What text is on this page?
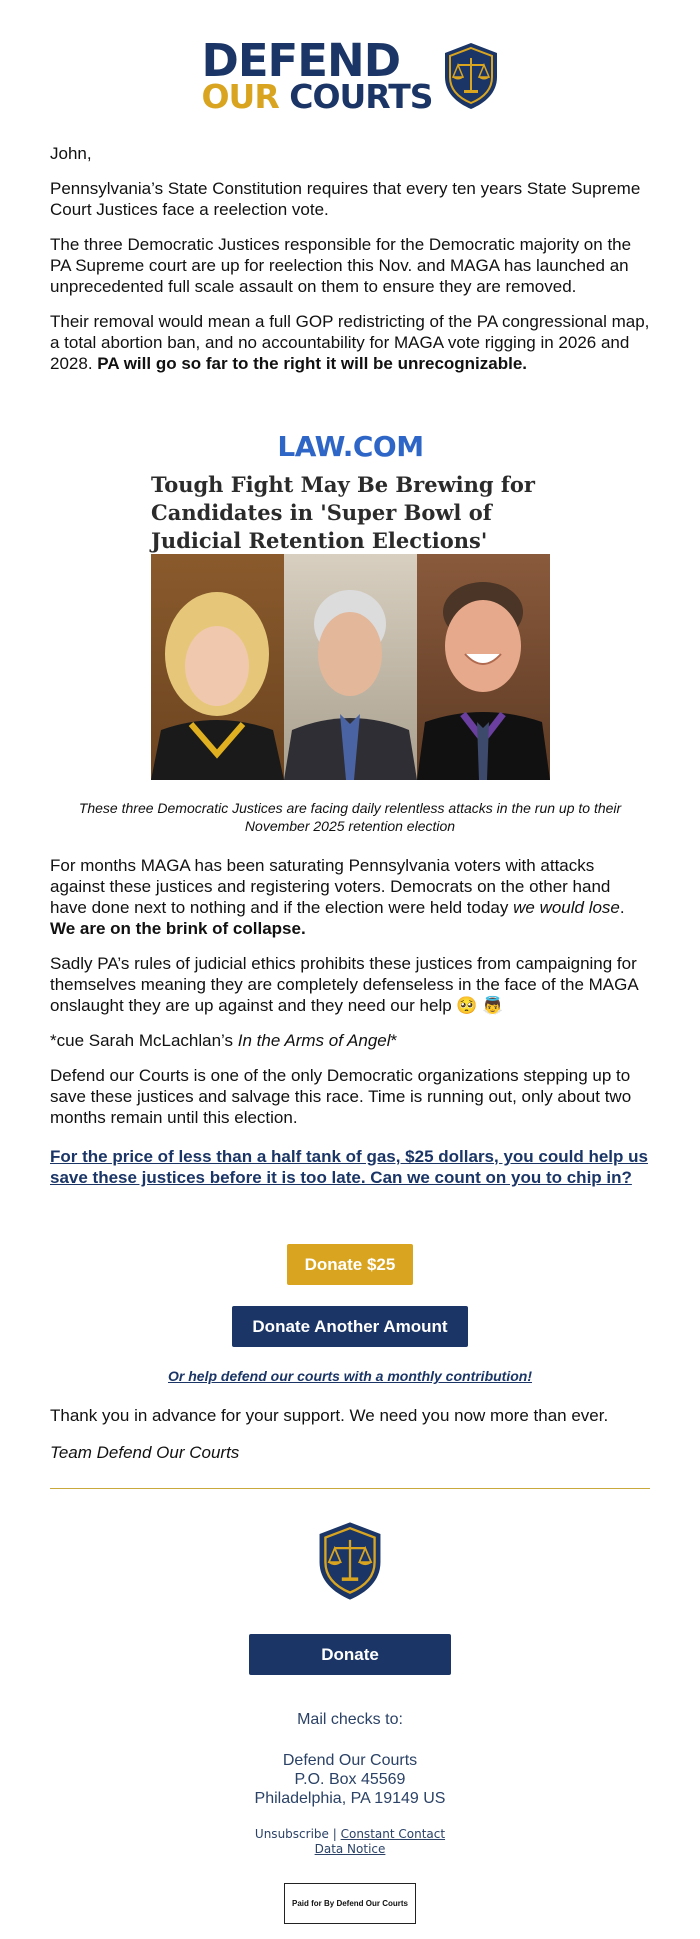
DEFEND
OUR COURTS

John,

Pennsylvania’s State Constitution requires that every ten years State Supreme Court Justices face a reelection vote.

The three Democratic Justices responsible for the Democratic majority on the PA Supreme court are up for reelection this Nov. and MAGA has launched an unprecedented full scale assault on them to ensure they are removed.

Their removal would mean a full GOP redistricting of the PA congressional map, a total abortion ban, and no accountability for MAGA vote rigging in 2026 and 2028. PA will go so far to the right it will be unrecognizable.

LAW.COM
Tough Fight May Be Brewing for Candidates in 'Super Bowl of Judicial Retention Elections'
These three Democratic Justices are facing daily relentless attacks in the run up to their November 2025 retention election

For months MAGA has been saturating Pennsylvania voters with attacks against these justices and registering voters. Democrats on the other hand have done next to nothing and if the election were held today we would lose. We are on the brink of collapse.

Sadly PA’s rules of judicial ethics prohibits these justices from campaigning for themselves meaning they are completely defenseless in the face of the MAGA onslaught they are up against and they need our help 🥺 👼

*cue Sarah McLachlan’s In the Arms of Angel*

Defend our Courts is one of the only Democratic organizations stepping up to save these justices and salvage this race. Time is running out, only about two months remain until this election.

For the price of less than a half tank of gas, $25 dollars, you could help us save these justices before it is too late. Can we count on you to chip in?

Donate $25
Donate Another Amount
Or help defend our courts with a monthly contribution!

Thank you in advance for your support. We need you now more than ever.

Team Defend Our Courts

Donate
Mail checks to:
Defend Our Courts
P.O. Box 45569
Philadelphia, PA 19149 US
Unsubscribe | Constant Contact
Data Notice
Paid for By Defend Our Courts
